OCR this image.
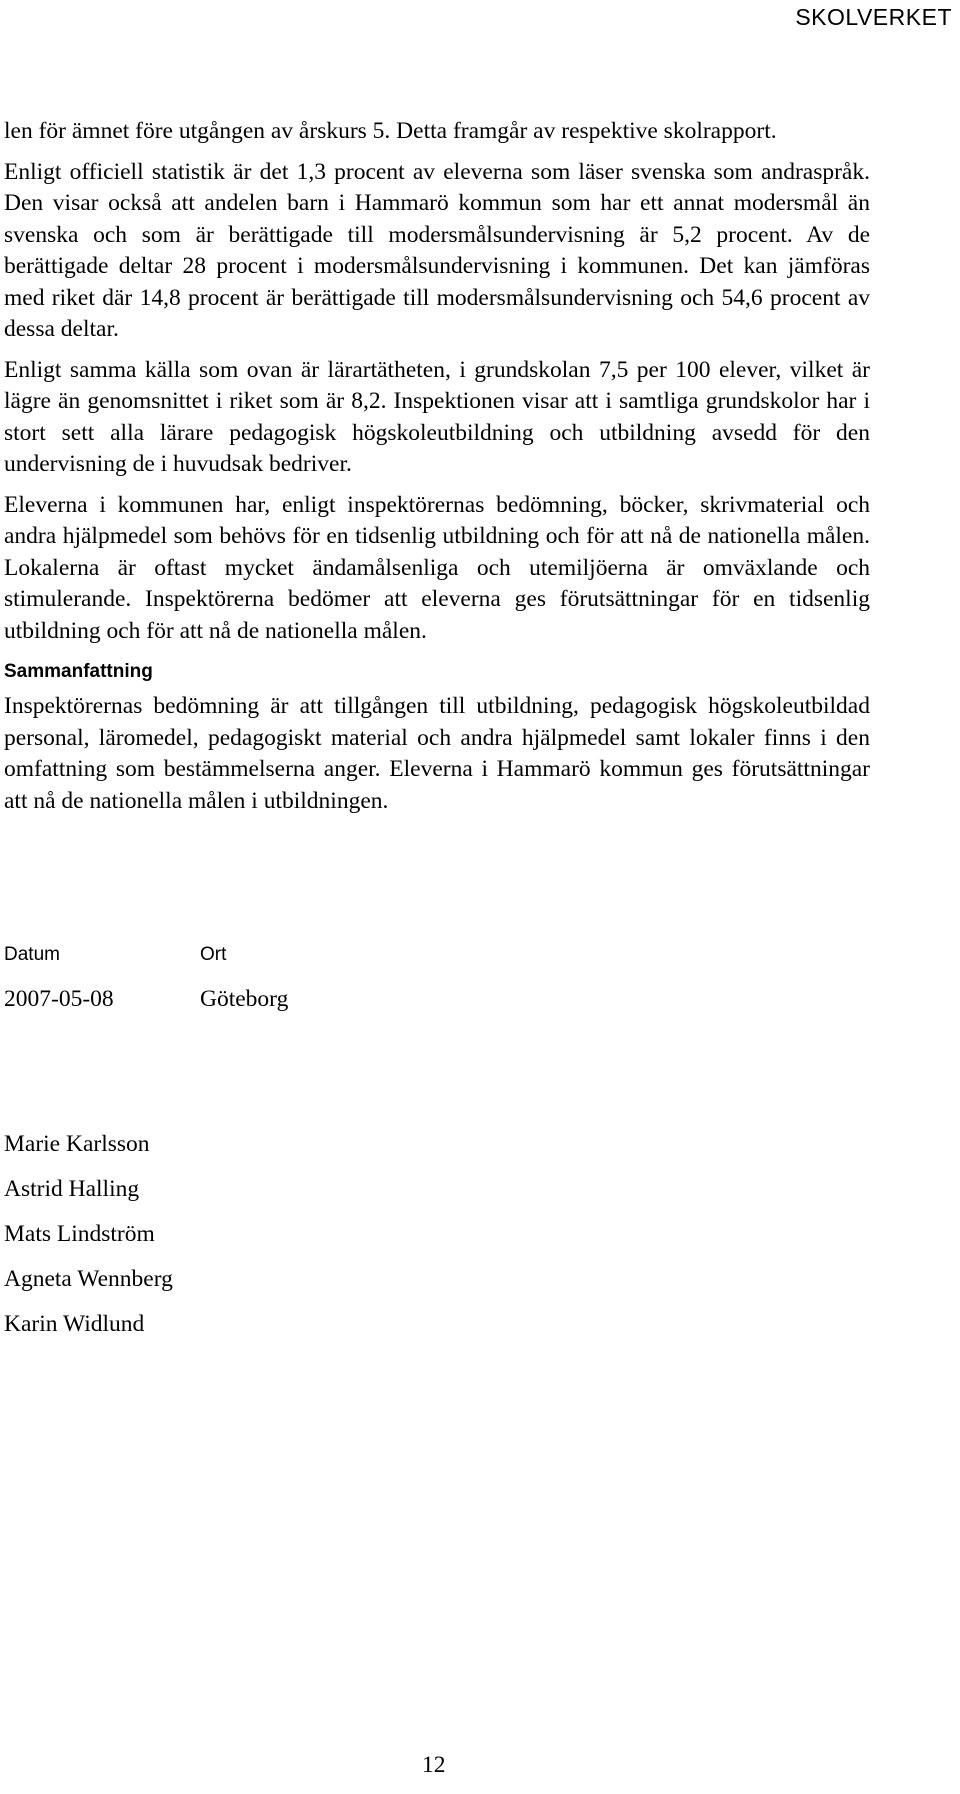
SKOLVERKET

len för ämnet före utgången av årskurs 5. Detta framgår av respektive skolrapport.

Enligt officiell statistik är det 1,3 procent av eleverna som läser svenska som andraspråk. Den visar också att andelen barn i Hammarö kommun som har ett annat modersmål än svenska och som är berättigade till modersmålsundervisning är 5,2 procent. Av de berättigade deltar 28 procent i modersmålsundervisning i kommunen. Det kan jämföras med riket där 14,8 procent är berättigade till modersmålsundervisning och 54,6 procent av dessa deltar.

Enligt samma källa som ovan är lärartätheten, i grundskolan 7,5 per 100 elever, vilket är lägre än genomsnittet i riket som är 8,2. Inspektionen visar att i samtliga grundskolor har i stort sett alla lärare pedagogisk högskoleutbildning och utbildning avsedd för den undervisning de i huvudsak bedriver.

Eleverna i kommunen har, enligt inspektörernas bedömning, böcker, skrivmaterial och andra hjälpmedel som behövs för en tidsenlig utbildning och för att nå de nationella målen. Lokalerna är oftast mycket ändamålsenliga och utemiljöerna är omväxlande och stimulerande. Inspektörerna bedömer att eleverna ges förutsättningar för en tidsenlig utbildning och för att nå de nationella målen.

Sammanfattning

Inspektörernas bedömning är att tillgången till utbildning, pedagogisk högskoleutbildad personal, läromedel, pedagogiskt material och andra hjälpmedel samt lokaler finns i den omfattning som bestämmelserna anger. Eleverna i Hammarö kommun ges förutsättningar att nå de nationella målen i utbildningen.

Datum	Ort
2007-05-08	Göteborg
Marie Karlsson
Astrid Halling
Mats Lindström
Agneta Wennberg
Karin Widlund
12
